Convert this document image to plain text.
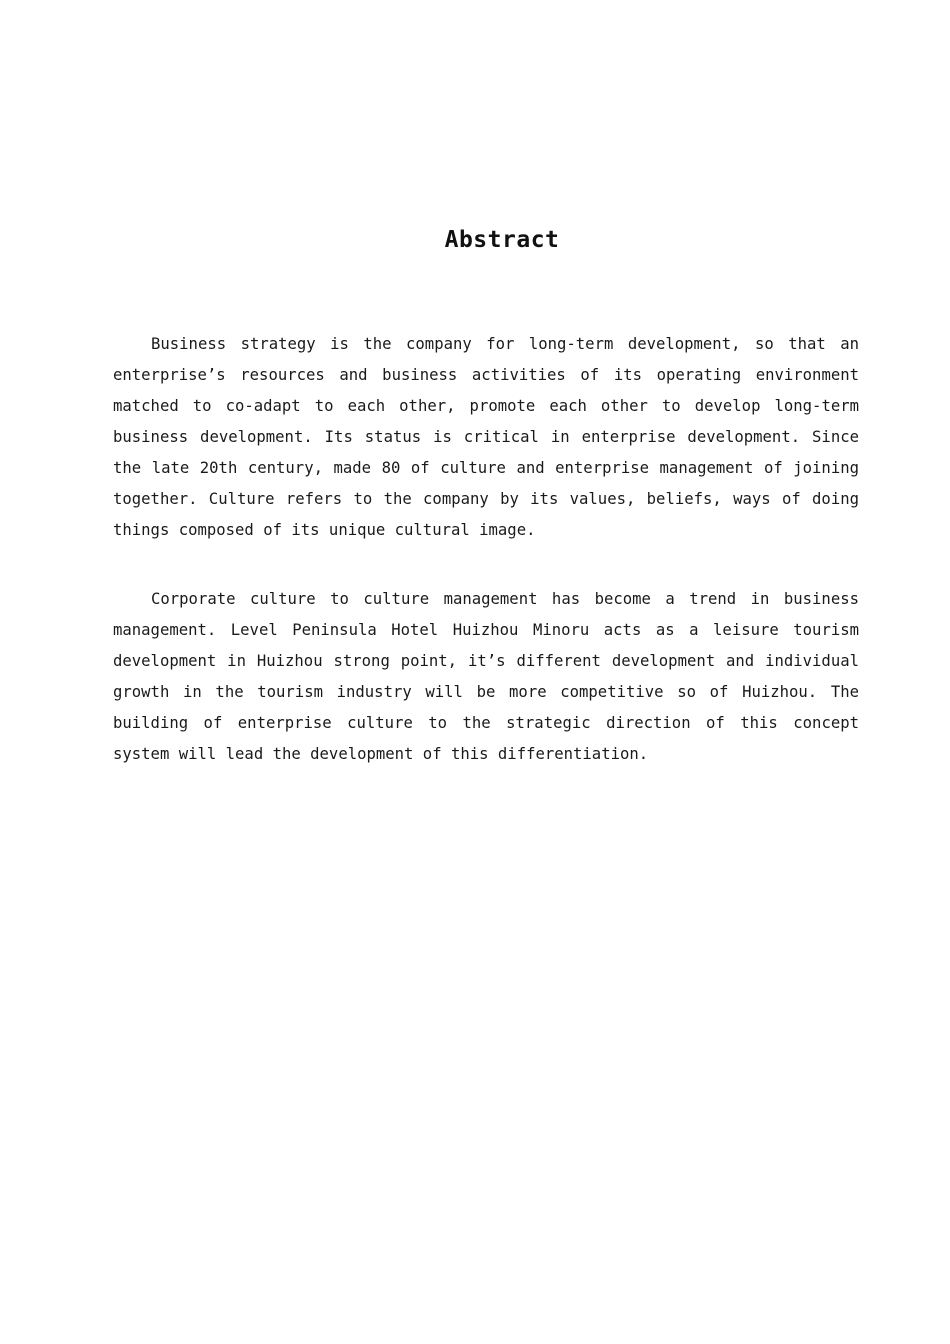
Abstract

Business strategy is the company for long-term development, so that an enterprise’s resources and business activities of its operating environment matched to co-adapt to each other, promote each other to develop long-term business development. Its status is critical in enterprise development. Since the late 20th century, made 80 of culture and enterprise management of joining together. Culture refers to the company by its values, beliefs, ways of doing things composed of its unique cultural image.

Corporate culture to culture management has become a trend in business management. Level Peninsula Hotel Huizhou Minoru acts as a leisure tourism development in Huizhou strong point, it’s different development and individual growth in the tourism industry will be more competitive so of Huizhou. The building of enterprise culture to the strategic direction of this concept system will lead the development of this differentiation.
